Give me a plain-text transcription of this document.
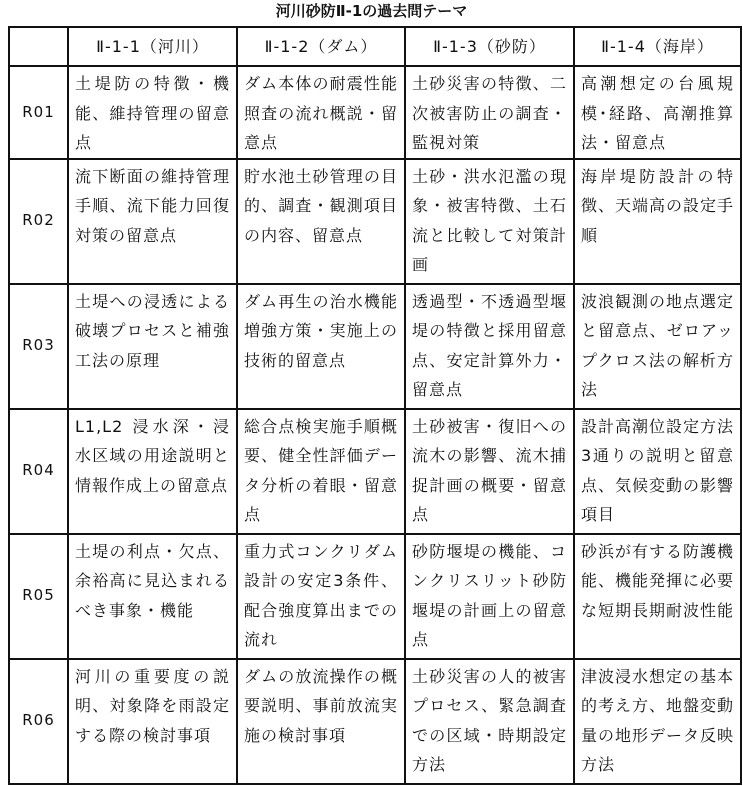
河川砂防Ⅱ-1の過去問テーマ
	Ⅱ-1-1（河川）	Ⅱ-1-2（ダム）	Ⅱ-1-3（砂防）	Ⅱ-1-4（海岸）
R01	土堤防の特徴・機能、維持管理の留意点	ダム本体の耐震性能照査の流れ概説・留意点	土砂災害の特徴、二次被害防止の調査・監視対策	高潮想定の台風規模･経路、高潮推算法・留意点
R02	流下断面の維持管理手順、流下能力回復対策の留意点	貯水池土砂管理の目的、調査・観測項目の内容、留意点	土砂・洪水氾濫の現象・被害特徴、土石流と比較して対策計画	海岸堤防設計の特徴、天端高の設定手順
R03	土堤への浸透による破壊プロセスと補強工法の原理	ダム再生の治水機能増強方策・実施上の技術的留意点	透過型・不透過型堰堤の特徴と採用留意点、安定計算外力・留意点	波浪観測の地点選定と留意点、ゼロアップクロス法の解析方法
R04	L1,L2 浸水深・浸水区域の用途説明と情報作成上の留意点	総合点検実施手順概要、健全性評価データ分析の着眼・留意点	土砂被害・復旧への流木の影響、流木捕捉計画の概要・留意点	設計高潮位設定方法3通りの説明と留意点、気候変動の影響項目
R05	土堤の利点・欠点、余裕高に見込まれるべき事象・機能	重力式コンクリダム設計の安定3条件、配合強度算出までの流れ	砂防堰堤の機能、コンクリスリット砂防堰堤の計画上の留意点	砂浜が有する防護機能、機能発揮に必要な短期長期耐波性能
R06	河川の重要度の説明、対象降を雨設定する際の検討事項	ダムの放流操作の概要説明、事前放流実施の検討事項	土砂災害の人的被害プロセス、緊急調査での区域・時期設定方法	津波浸水想定の基本的考え方、地盤変動量の地形データ反映方法
